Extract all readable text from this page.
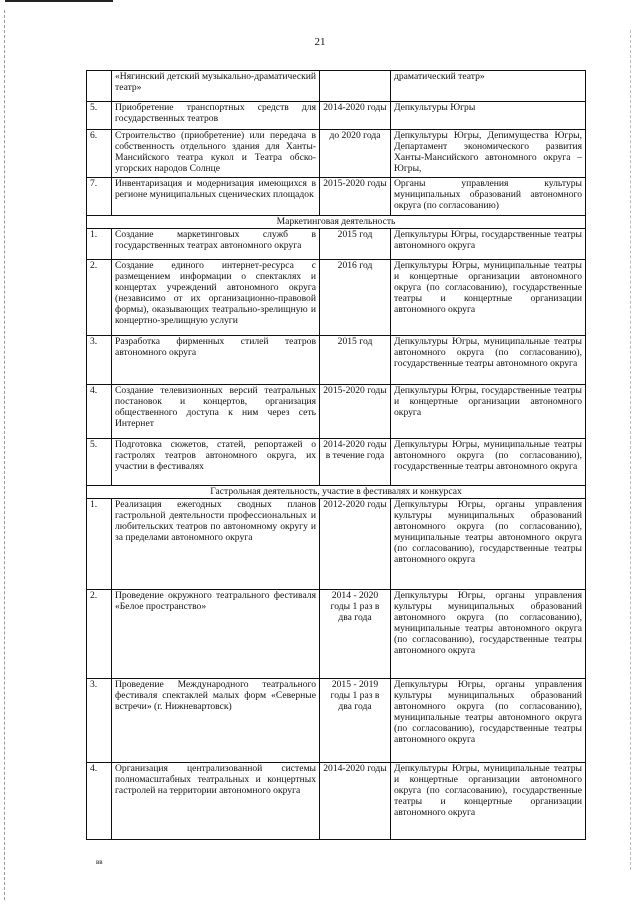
21
	«Нягинский детский музыкально-драматический театр»		драматический театр»
5.	Приобретение транспортных средств для государственных театров	2014-2020 годы	Депкультуры Югры
6.	Строительство (приобретение) или передача в собственность отдельного здания для Ханты-Мансийского театра кукол и Театра обско-угорских народов Солнце	до 2020 года	Депкультуры Югры, Депимущества Югры, Департамент экономического развития Ханты-Мансийского автономного округа – Югры,
7.	Инвентаризация и модернизация имеющихся в регионе муниципальных сценических площадок	2015-2020 годы	Органы управления культуры муниципальных образований автономного округа (по согласованию)
Маркетинговая деятельность			
1.	Создание маркетинговых служб в государственных театрах автономного округа	2015 год	Депкультуры Югры, государственные театры автономного округа
2.	Создание единого интернет-ресурса с размещением информации о спектаклях и концертах учреждений автономного округа (независимо от их организационно-правовой формы), оказывающих театрально-зрелищную и концертно-зрелищную услуги	2016 год	Депкультуры Югры, муниципальные театры и концертные организации автономного округа (по согласованию), государственные театры и концертные организации автономного округа
3.	Разработка фирменных стилей театров автономного округа	2015 год	Депкультуры Югры, муниципальные театры автономного округа (по согласованию), государственные театры автономного округа
4.	Создание телевизионных версий театральных постановок и концертов, организация общественного доступа к ним через сеть Интернет	2015-2020 годы	Депкультуры Югры, государственные театры и концертные организации автономного округа
5.	Подготовка сюжетов, статей, репортажей о гастролях театров автономного округа, их участии в фестивалях	2014-2020 годы в течение года	Депкультуры Югры, муниципальные театры автономного округа (по согласованию), государственные театры автономного округа
Гастрольная деятельность, участие в фестивалях и конкурсах			
1.	Реализация ежегодных сводных планов гастрольной деятельности профессиональных и любительских театров по автономному округу и за пределами автономного округа	2012-2020 годы	Депкультуры Югры, органы управления культуры муниципальных образований автономного округа (по согласованию), муниципальные театры автономного округа (по согласованию), государственные театры автономного округа
2.	Проведение окружного театрального фестиваля «Белое пространство»	2014 - 2020 годы 1 раз в два года	Депкультуры Югры, органы управления культуры муниципальных образований автономного округа (по согласованию), муниципальные театры автономного округа (по согласованию), государственные театры автономного округа
3.	Проведение Международного театрального фестиваля спектаклей малых форм «Северные встречи» (г. Нижневартовск)	2015 - 2019 годы 1 раз в два года	Депкультуры Югры, органы управления культуры муниципальных образований автономного округа (по согласованию), муниципальные театры автономного округа (по согласованию), государственные театры автономного округа
4.	Организация централизованной системы полномасштабных театральных и концертных гастролей на территории автономного округа	2014-2020 годы	Депкультуры Югры, муниципальные театры и концертные организации автономного округа (по согласованию), государственные театры и концертные организации автономного округа
вв
